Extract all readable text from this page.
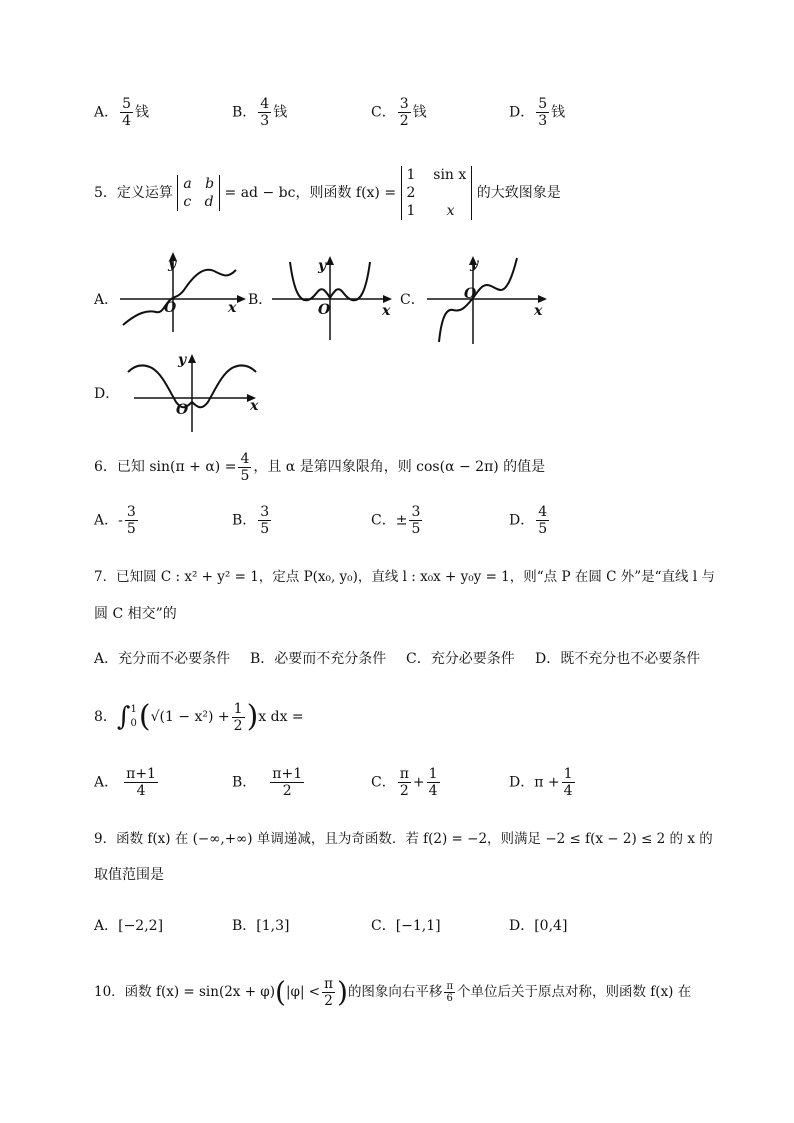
A． $\frac{5}{4}$ 钱	B． $\frac{4}{3}$ 钱	C． $\frac{3}{2}$ 钱	D． $\frac{5}{3}$ 钱
5．定义运算
a b
c d
= ad − bc，则函数 f(x) =
1 sin x
2
1 x
的大致图象是
A．
y
x
O	B．
y
x
O
C．
y
x
O
D．
y
x
O
6．已知 $\sin(\pi + \alpha) = \frac{4}{5}$ ，且 α 是第四象限角，则 cos(α − 2π) 的值是
A．- $\frac{3}{5}$	B． $\frac{3}{5}$	C．± $\frac{3}{5}$	D． $\frac{4}{5}$
7．已知圆 C : x² + y² = 1，定点 P(x₀, y₀)，直线 l : x₀x + y₀y = 1，则“点 P 在圆 C 外”是“直线 l 与
圆 C 相交”的
A．充分而不必要条件 B．必要而不充分条件 C．充分必要条件 D．既不充分也不必要条件
8．∫ 1
0 $(√(1 - x^2) + \frac{1}{2} )x$ dx =
A． $\frac{\pi+1}{4}$	B． $\frac{\pi+1}{2}$	C． $\frac{\pi}{2} + \frac{1}{4}$	D．$\pi + \frac{1}{4}$
9．函数 f(x) 在 (−∞,+∞) 单调递减，且为奇函数．若 f(2) = −2，则满足 −2 ≤ f(x − 2) ≤ 2 的 x 的
取值范围是
A．[−2,2]	B．[1,3]	C．[−1,1]	D．[0,4]
10．函数 $f(x) = \sin(2x + \varphi)(|\varphi| < \frac{\pi}{2}$ )的图象向右平移 $\frac{\pi}{6}$ 个单位后关于原点对称，则函数 f(x) 在
